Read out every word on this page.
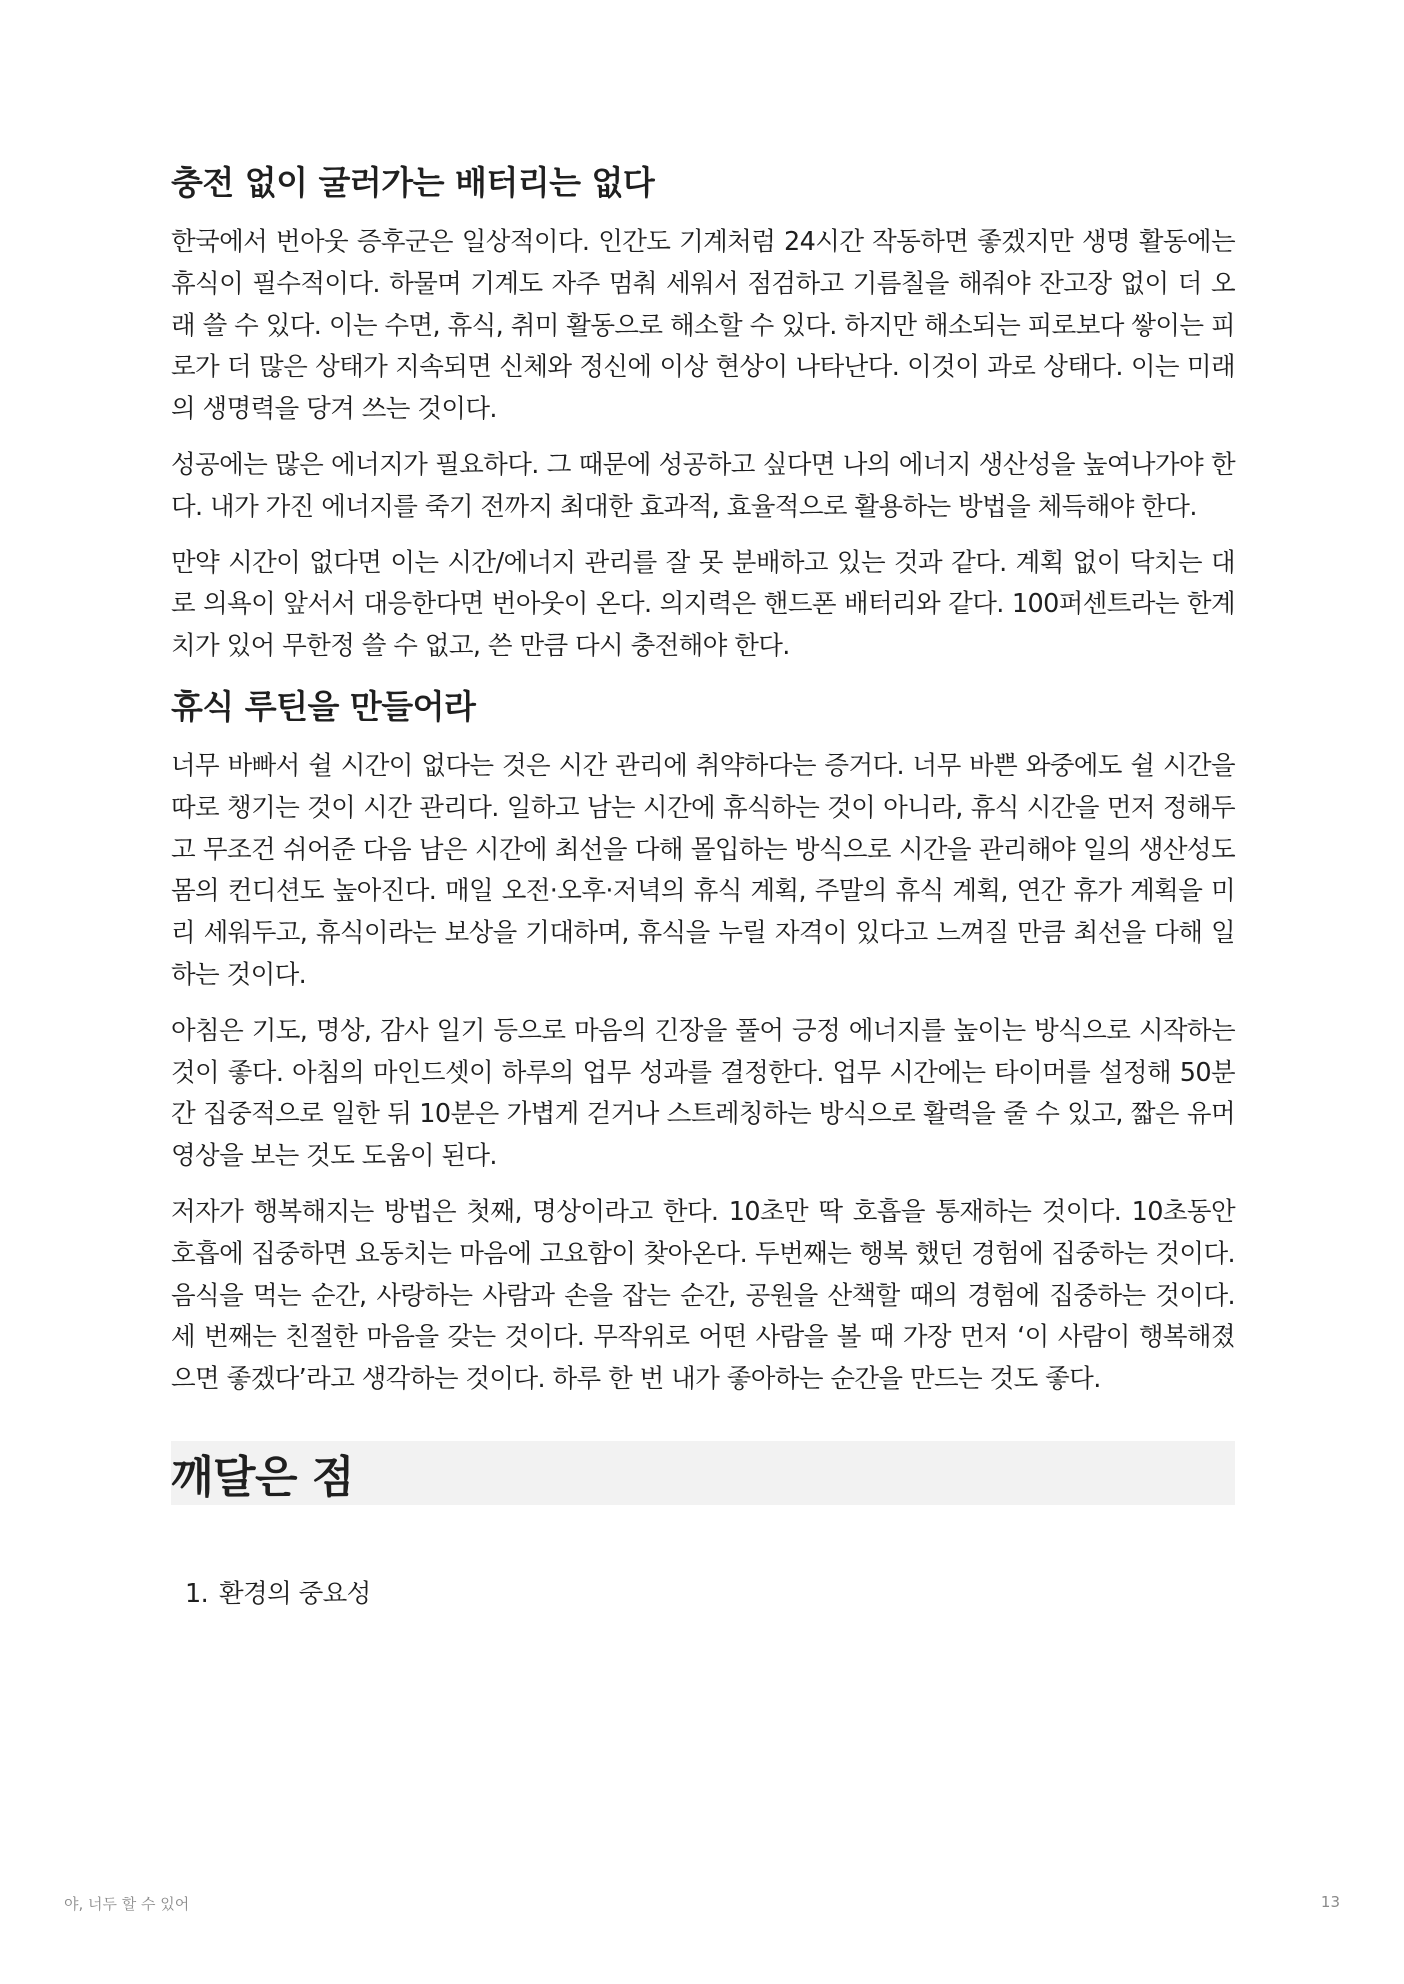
충전 없이 굴러가는 배터리는 없다

한국에서 번아웃 증후군은 일상적이다. 인간도 기계처럼 24시간 작동하면 좋겠지만 생명 활동에는 휴식이 필수적이다. 하물며 기계도 자주 멈춰 세워서 점검하고 기름칠을 해줘야 잔고장 없이 더 오래 쓸 수 있다. 이는 수면, 휴식, 취미 활동으로 해소할 수 있다. 하지만 해소되는 피로보다 쌓이는 피로가 더 많은 상태가 지속되면 신체와 정신에 이상 현상이 나타난다. 이것이 과로 상태다. 이는 미래의 생명력을 당겨 쓰는 것이다.

성공에는 많은 에너지가 필요하다. 그 때문에 성공하고 싶다면 나의 에너지 생산성을 높여나가야 한다. 내가 가진 에너지를 죽기 전까지 최대한 효과적, 효율적으로 활용하는 방법을 체득해야 한다.

만약 시간이 없다면 이는 시간/에너지 관리를 잘 못 분배하고 있는 것과 같다. 계획 없이 닥치는 대로 의욕이 앞서서 대응한다면 번아웃이 온다. 의지력은 핸드폰 배터리와 같다. 100퍼센트라는 한계치가 있어 무한정 쓸 수 없고, 쓴 만큼 다시 충전해야 한다.

휴식 루틴을 만들어라

너무 바빠서 쉴 시간이 없다는 것은 시간 관리에 취약하다는 증거다. 너무 바쁜 와중에도 쉴 시간을 따로 챙기는 것이 시간 관리다. 일하고 남는 시간에 휴식하는 것이 아니라, 휴식 시간을 먼저 정해두고 무조건 쉬어준 다음 남은 시간에 최선을 다해 몰입하는 방식으로 시간을 관리해야 일의 생산성도 몸의 컨디션도 높아진다. 매일 오전·오후·저녁의 휴식 계획, 주말의 휴식 계획, 연간 휴가 계획을 미리 세워두고, 휴식이라는 보상을 기대하며, 휴식을 누릴 자격이 있다고 느껴질 만큼 최선을 다해 일하는 것이다.

아침은 기도, 명상, 감사 일기 등으로 마음의 긴장을 풀어 긍정 에너지를 높이는 방식으로 시작하는 것이 좋다. 아침의 마인드셋이 하루의 업무 성과를 결정한다. 업무 시간에는 타이머를 설정해 50분간 집중적으로 일한 뒤 10분은 가볍게 걷거나 스트레칭하는 방식으로 활력을 줄 수 있고, 짧은 유머 영상을 보는 것도 도움이 된다.

저자가 행복해지는 방법은 첫째, 명상이라고 한다. 10초만 딱 호흡을 통재하는 것이다. 10초동안 호흡에 집중하면 요동치는 마음에 고요함이 찾아온다. 두번째는 행복 했던 경험에 집중하는 것이다. 음식을 먹는 순간, 사랑하는 사람과 손을 잡는 순간, 공원을 산책할 때의 경험에 집중하는 것이다. 세 번째는 친절한 마음을 갖는 것이다. 무작위로 어떤 사람을 볼 때 가장 먼저 ‘이 사람이 행복해졌으면 좋겠다’라고 생각하는 것이다. 하루 한 번 내가 좋아하는 순간을 만드는 것도 좋다.

깨달은 점
1. 환경의 중요성
야, 너두 할 수 있어	13
